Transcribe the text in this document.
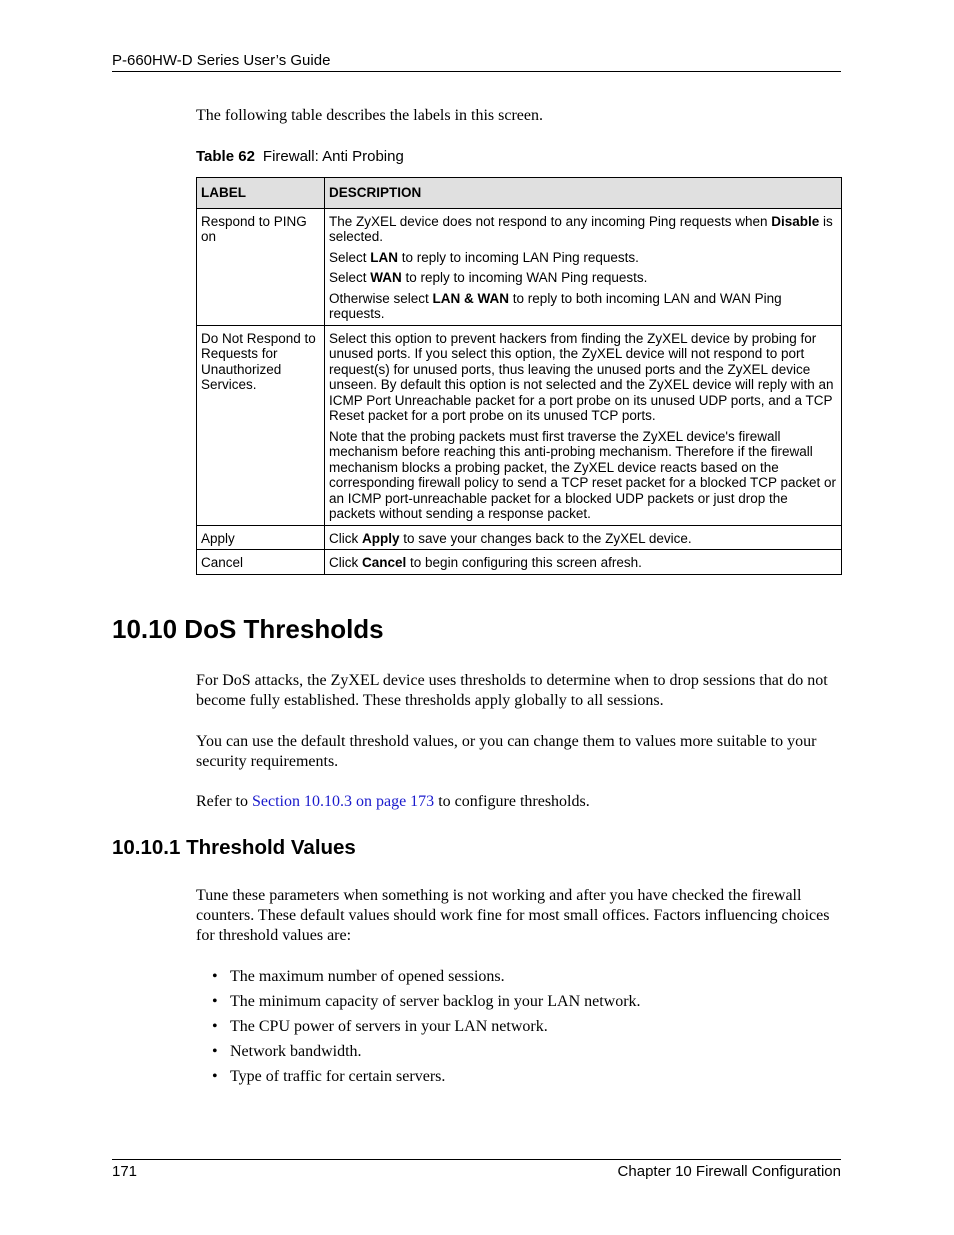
P-660HW-D Series User’s Guide
The following table describes the labels in this screen.
Table 62 Firewall: Anti Probing
LABEL	DESCRIPTION
Respond to PING on	The ZyXEL device does not respond to any incoming Ping requests when Disable is selected.

Select LAN to reply to incoming LAN Ping requests.

Select WAN to reply to incoming WAN Ping requests.

Otherwise select LAN & WAN to reply to both incoming LAN and WAN Ping requests.

Do Not Respond to Requests for Unauthorized Services.	Select this option to prevent hackers from finding the ZyXEL device by probing for unused ports. If you select this option, the ZyXEL device will not respond to port request(s) for unused ports, thus leaving the unused ports and the ZyXEL device unseen. By default this option is not selected and the ZyXEL device will reply with an ICMP Port Unreachable packet for a port probe on its unused UDP ports, and a TCP Reset packet for a port probe on its unused TCP ports.

Note that the probing packets must first traverse the ZyXEL device's firewall mechanism before reaching this anti-probing mechanism. Therefore if the firewall mechanism blocks a probing packet, the ZyXEL device reacts based on the corresponding firewall policy to send a TCP reset packet for a blocked TCP packet or an ICMP port-unreachable packet for a blocked UDP packets or just drop the packets without sending a response packet.

Apply	Click Apply to save your changes back to the ZyXEL device.

Cancel	Click Cancel to begin configuring this screen afresh.

10.10 DoS Thresholds

For DoS attacks, the ZyXEL device uses thresholds to determine when to drop sessions that do not become fully established. These thresholds apply globally to all sessions.

You can use the default threshold values, or you can change them to values more suitable to your security requirements.

Refer to Section 10.10.3 on page 173 to configure thresholds.

10.10.1 Threshold Values

Tune these parameters when something is not working and after you have checked the firewall counters. These default values should work fine for most small offices. Factors influencing choices for threshold values are:

• The maximum number of opened sessions.
• The minimum capacity of server backlog in your LAN network.
• The CPU power of servers in your LAN network.
• Network bandwidth.
• Type of traffic for certain servers.
171	Chapter 10 Firewall Configuration
